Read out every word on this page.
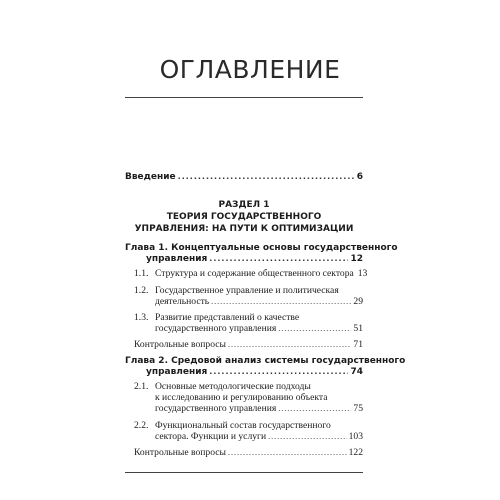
ОГЛАВЛЕНИЕ
Введение .....	6
РАЗДЕЛ 1
ТЕОРИЯ ГОСУДАРСТВЕННОГО
УПРАВЛЕНИЯ: НА ПУТИ К ОПТИМИЗАЦИИ
Глава 1. Концептуальные основы государственного
управления .....	12
1.1. Структура и содержание общественного сектора 13
1.2. Государственное управление и политическая
деятельность .....	29
1.3. Развитие представлений о качестве
государственного управления .....	51
Контрольные вопросы .....	71
Глава 2. Средовой анализ системы государственного
управления .....	74
2.1. Основные методологические подходы
к исследованию и регулированию объекта
государственного управления .....	75
2.2. Функциональный состав государственного
сектора. Функции и услуги .....	103
Контрольные вопросы .....	122
